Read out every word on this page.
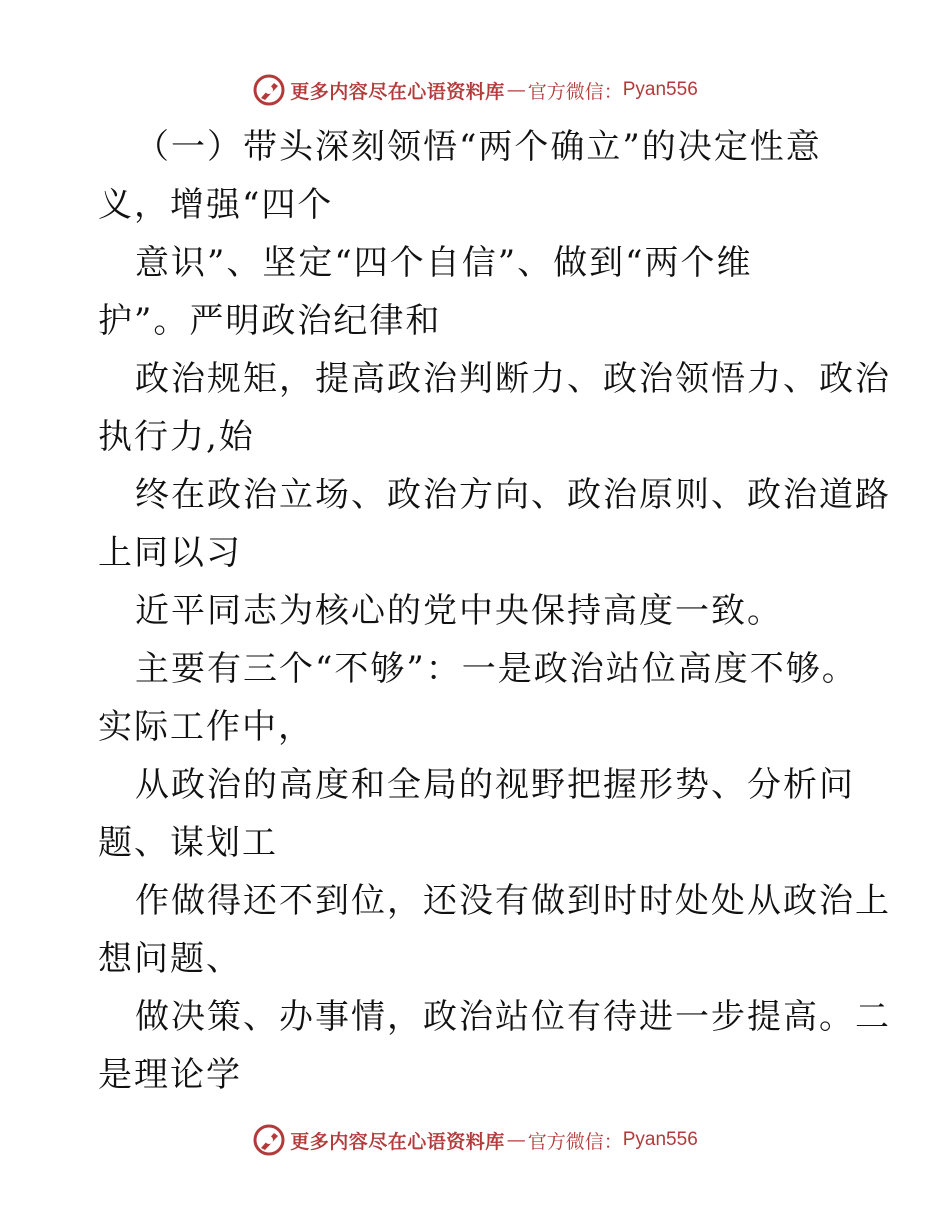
更多内容尽在心语资料库 — 官方微信： Pyan556
（一）带头深刻领悟“两个确立”的决定性意
义，增强“四个
意识”、坚定“四个自信”、做到“两个维
护”。严明政治纪律和
政治规矩，提高政治判断力、政治领悟力、政治
执行力,始
终在政治立场、政治方向、政治原则、政治道路
上同以习
近平同志为核心的党中央保持高度一致。
主要有三个“不够”：一是政治站位高度不够。
实际工作中，
从政治的高度和全局的视野把握形势、分析问
题、谋划工
作做得还不到位，还没有做到时时处处从政治上
想问题、
做决策、办事情，政治站位有待进一步提高。二
是理论学
更多内容尽在心语资料库 — 官方微信： Pyan556
